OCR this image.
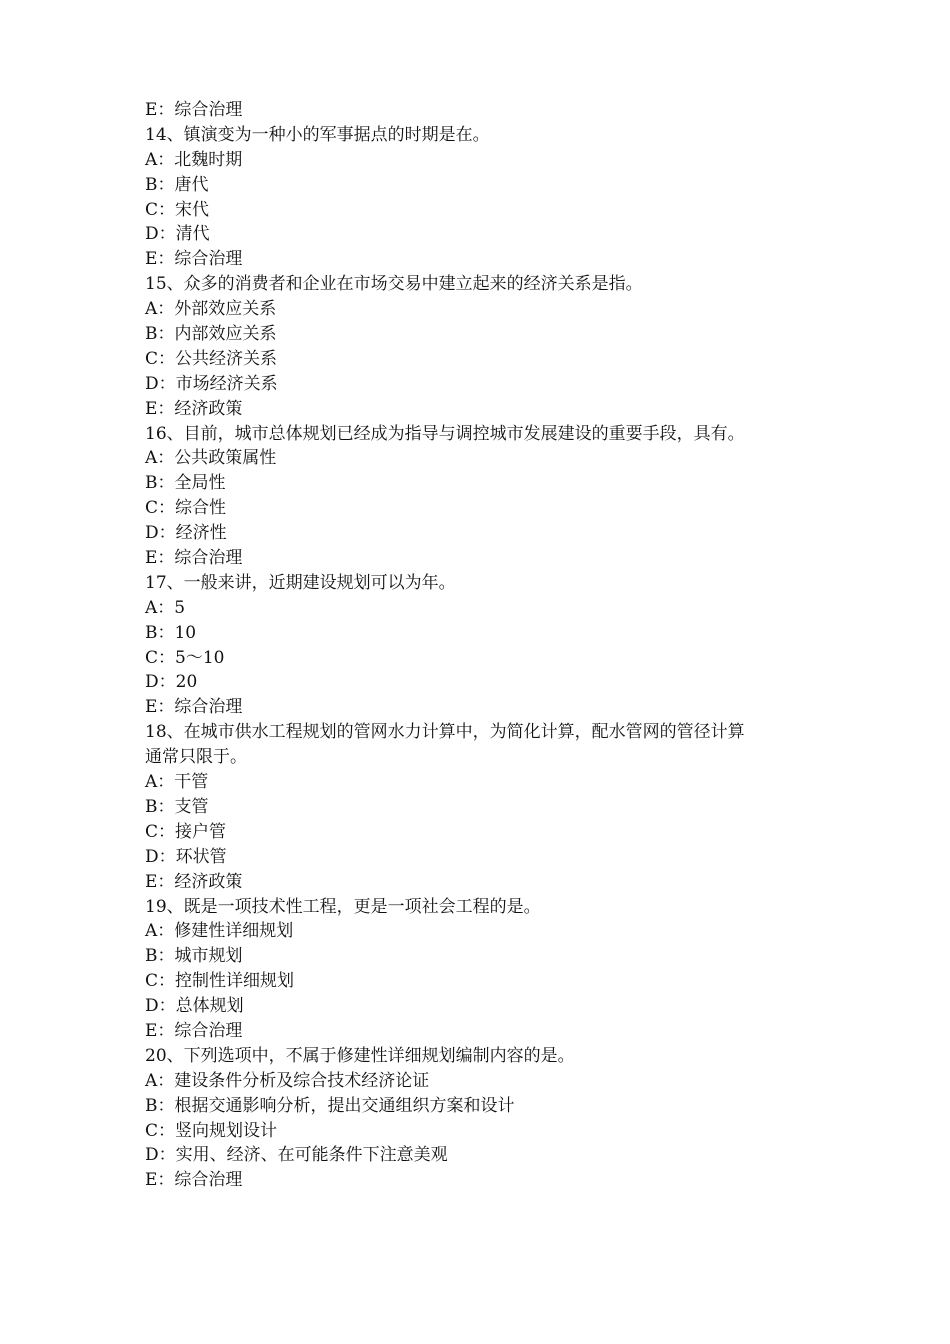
E：综合治理

14、镇演变为一种小的军事据点的时期是在。

A：北魏时期
B：唐代
C：宋代
D：清代
E：综合治理

15、众多的消费者和企业在市场交易中建立起来的经济关系是指。

A：外部效应关系
B：内部效应关系
C：公共经济关系
D：市场经济关系
E：经济政策

16、目前，城市总体规划已经成为指导与调控城市发展建设的重要手段，具有。

A：公共政策属性
B：全局性
C：综合性
D：经济性
E：综合治理

17、一般来讲，近期建设规划可以为年。

A：5
B：10
C：5～10
D：20
E：综合治理

18、在城市供水工程规划的管网水力计算中，为简化计算，配水管网的管径计算
通常只限于。

A：干管
B：支管
C：接户管
D：环状管
E：经济政策

19、既是一项技术性工程，更是一项社会工程的是。

A：修建性详细规划
B：城市规划
C：控制性详细规划
D：总体规划
E：综合治理

20、下列选项中，不属于修建性详细规划编制内容的是。

A：建设条件分析及综合技术经济论证
B：根据交通影响分析，提出交通组织方案和设计
C：竖向规划设计
D：实用、经济、在可能条件下注意美观
E：综合治理
